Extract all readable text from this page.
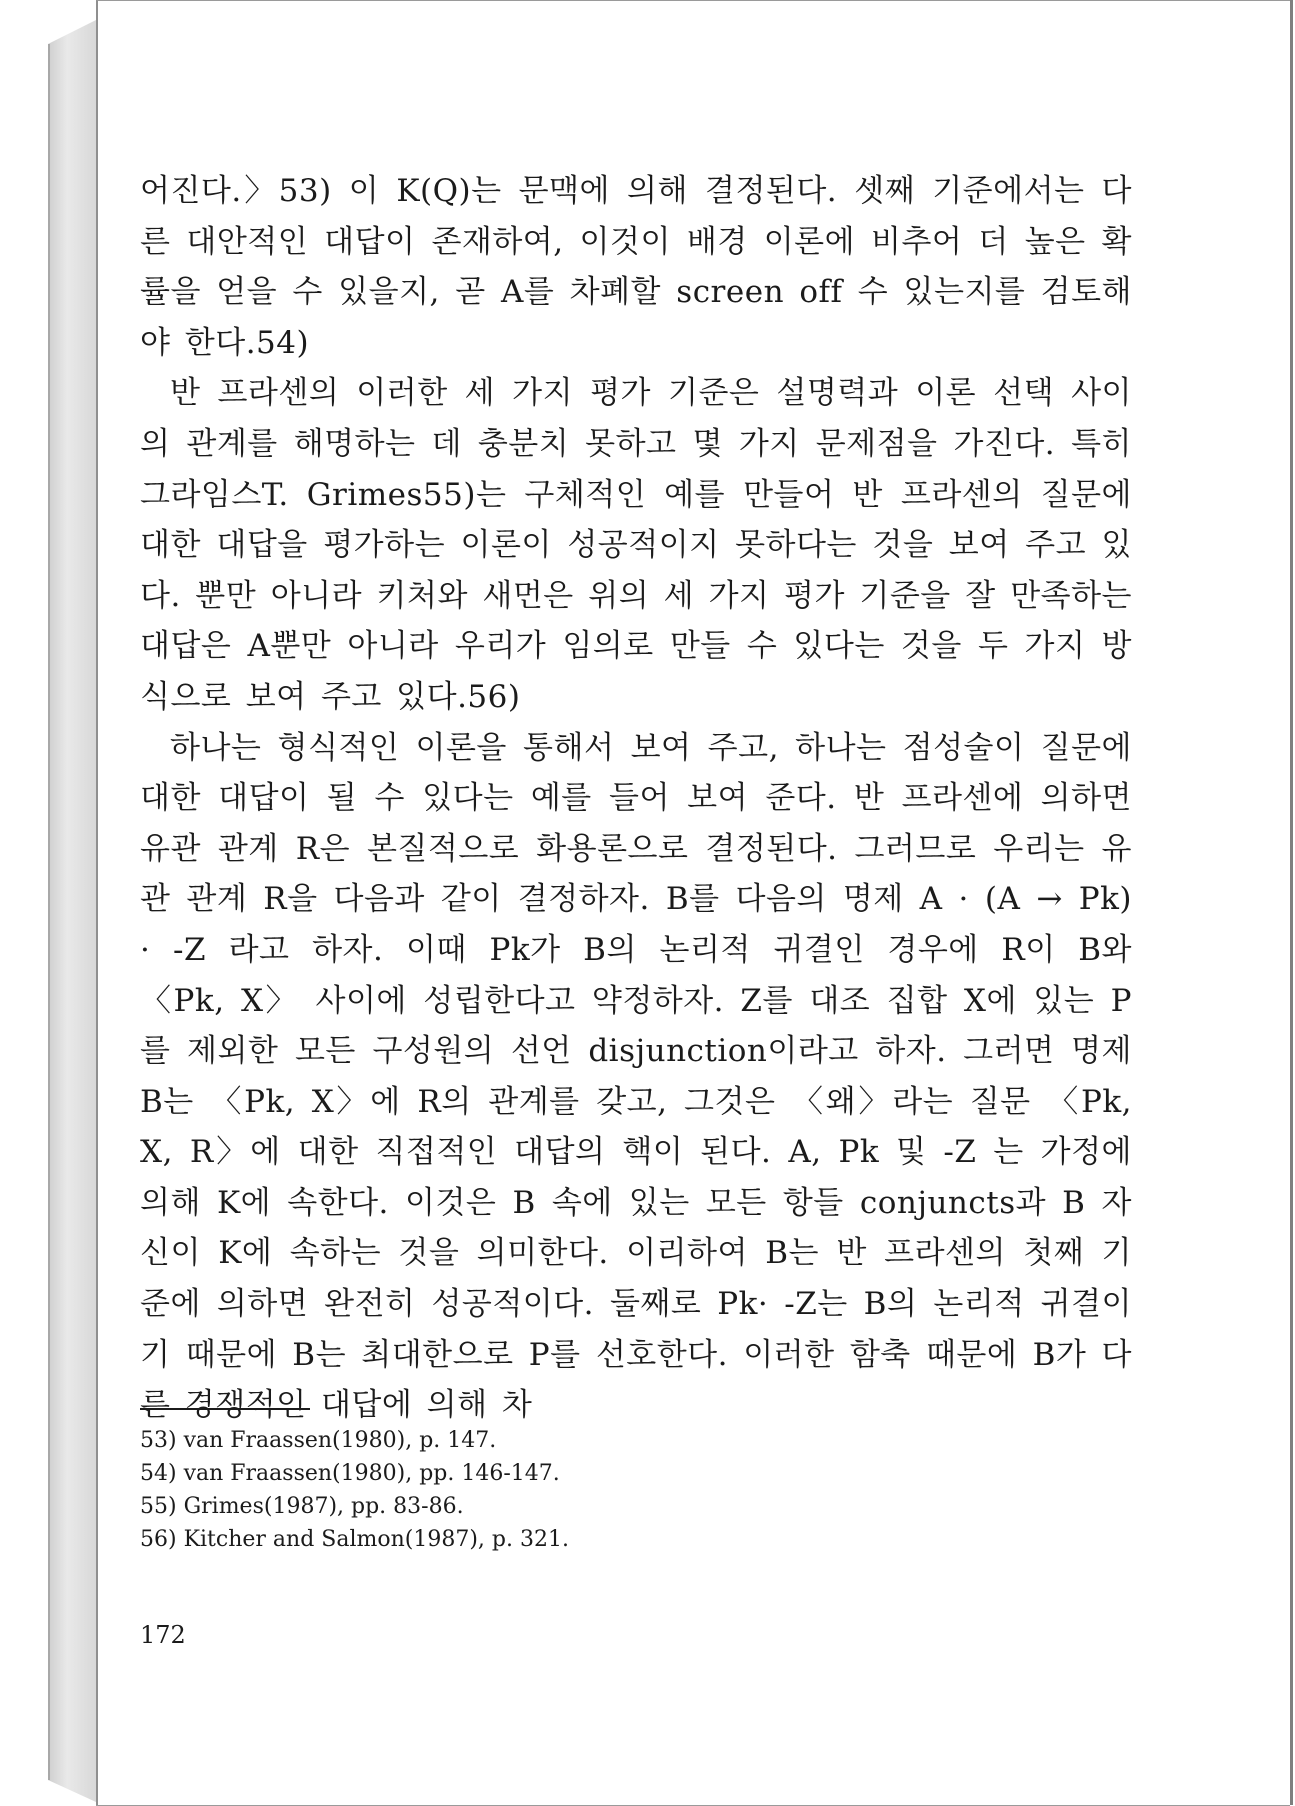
어진다.〉53) 이 K(Q)는 문맥에 의해 결정된다. 셋째 기준에서는 다른 대안적인 대답이 존재하여, 이것이 배경 이론에 비추어 더 높은 확률을 얻을 수 있을지, 곧 A를 차폐할 screen off 수 있는지를 검토해야 한다.54)

반 프라센의 이러한 세 가지 평가 기준은 설명력과 이론 선택 사이의 관계를 해명하는 데 충분치 못하고 몇 가지 문제점을 가진다. 특히 그라임스T. Grimes55)는 구체적인 예를 만들어 반 프라센의 질문에 대한 대답을 평가하는 이론이 성공적이지 못하다는 것을 보여 주고 있다. 뿐만 아니라 키처와 새먼은 위의 세 가지 평가 기준을 잘 만족하는 대답은 A뿐만 아니라 우리가 임의로 만들 수 있다는 것을 두 가지 방식으로 보여 주고 있다.56)

하나는 형식적인 이론을 통해서 보여 주고, 하나는 점성술이 질문에 대한 대답이 될 수 있다는 예를 들어 보여 준다. 반 프라센에 의하면 유관 관계 R은 본질적으로 화용론으로 결정된다. 그러므로 우리는 유관 관계 R을 다음과 같이 결정하자. B를 다음의 명제 A · (A → Pk) · -Z 라고 하자. 이때 Pk가 B의 논리적 귀결인 경우에 R이 B와 〈Pk, X〉 사이에 성립한다고 약정하자. Z를 대조 집합 X에 있는 P를 제외한 모든 구성원의 선언 disjunction이라고 하자. 그러면 명제 B는 〈Pk, X〉에 R의 관계를 갖고, 그것은 〈왜〉라는 질문 〈Pk, X, R〉에 대한 직접적인 대답의 핵이 된다. A, Pk 및 -Z 는 가정에 의해 K에 속한다. 이것은 B 속에 있는 모든 항들 conjuncts과 B 자신이 K에 속하는 것을 의미한다. 이리하여 B는 반 프라센의 첫째 기준에 의하면 완전히 성공적이다. 둘째로 Pk· -Z는 B의 논리적 귀결이기 때문에 B는 최대한으로 P를 선호한다. 이러한 함축 때문에 B가 다른 경쟁적인 대답에 의해 차

53) van Fraassen(1980), p. 147.
54) van Fraassen(1980), pp. 146-147.
55) Grimes(1987), pp. 83-86.
56) Kitcher and Salmon(1987), p. 321.
172
